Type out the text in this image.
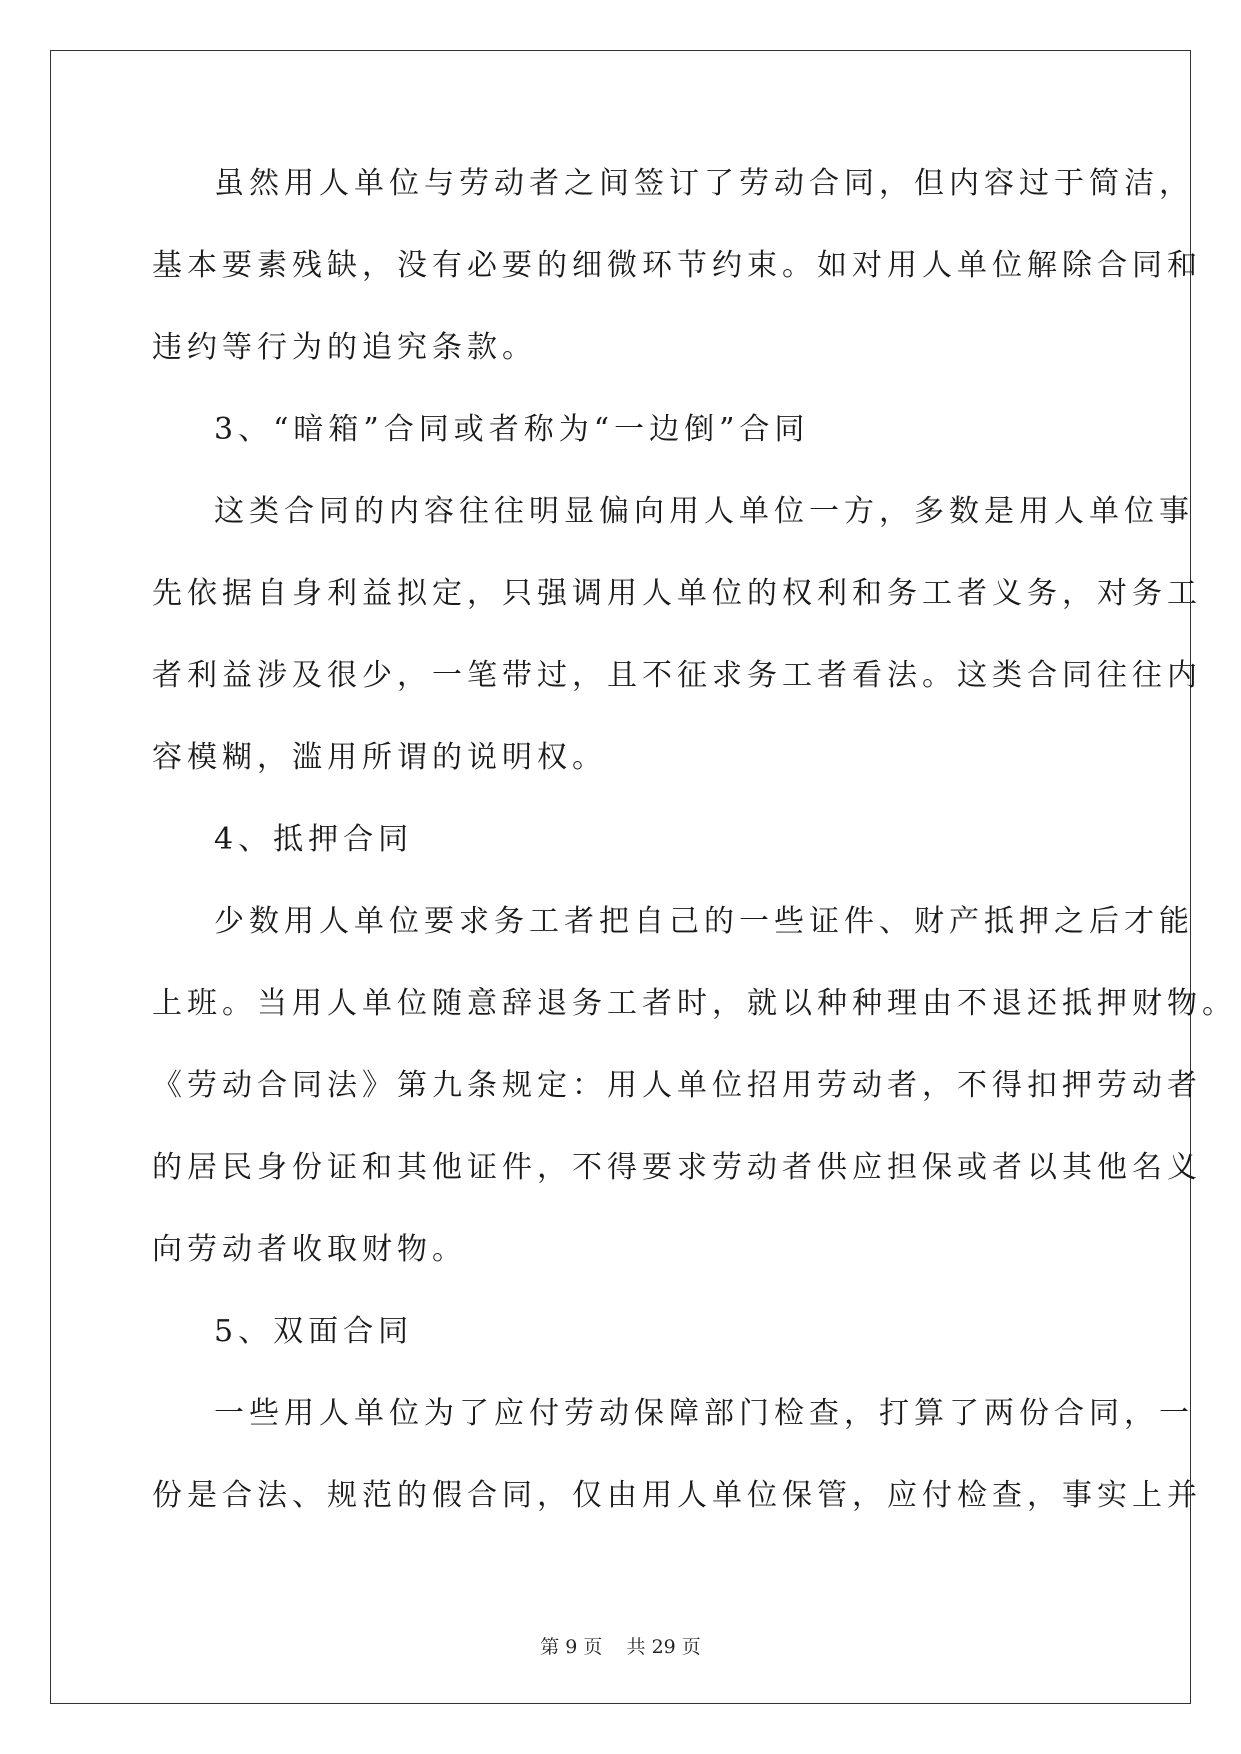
虽然用人单位与劳动者之间签订了劳动合同，但内容过于简洁，
基本要素残缺，没有必要的细微环节约束。如对用人单位解除合同和
违约等行为的追究条款。
3、“暗箱”合同或者称为“一边倒”合同
这类合同的内容往往明显偏向用人单位一方，多数是用人单位事
先依据自身利益拟定，只强调用人单位的权利和务工者义务，对务工
者利益涉及很少，一笔带过，且不征求务工者看法。这类合同往往内
容模糊，滥用所谓的说明权。
4、抵押合同
少数用人单位要求务工者把自己的一些证件、财产抵押之后才能
上班。当用人单位随意辞退务工者时，就以种种理由不退还抵押财物。
《劳动合同法》第九条规定：用人单位招用劳动者，不得扣押劳动者
的居民身份证和其他证件，不得要求劳动者供应担保或者以其他名义
向劳动者收取财物。
5、双面合同
一些用人单位为了应付劳动保障部门检查，打算了两份合同，一
份是合法、规范的假合同，仅由用人单位保管，应付检查，事实上并
第 9 页    共 29 页
